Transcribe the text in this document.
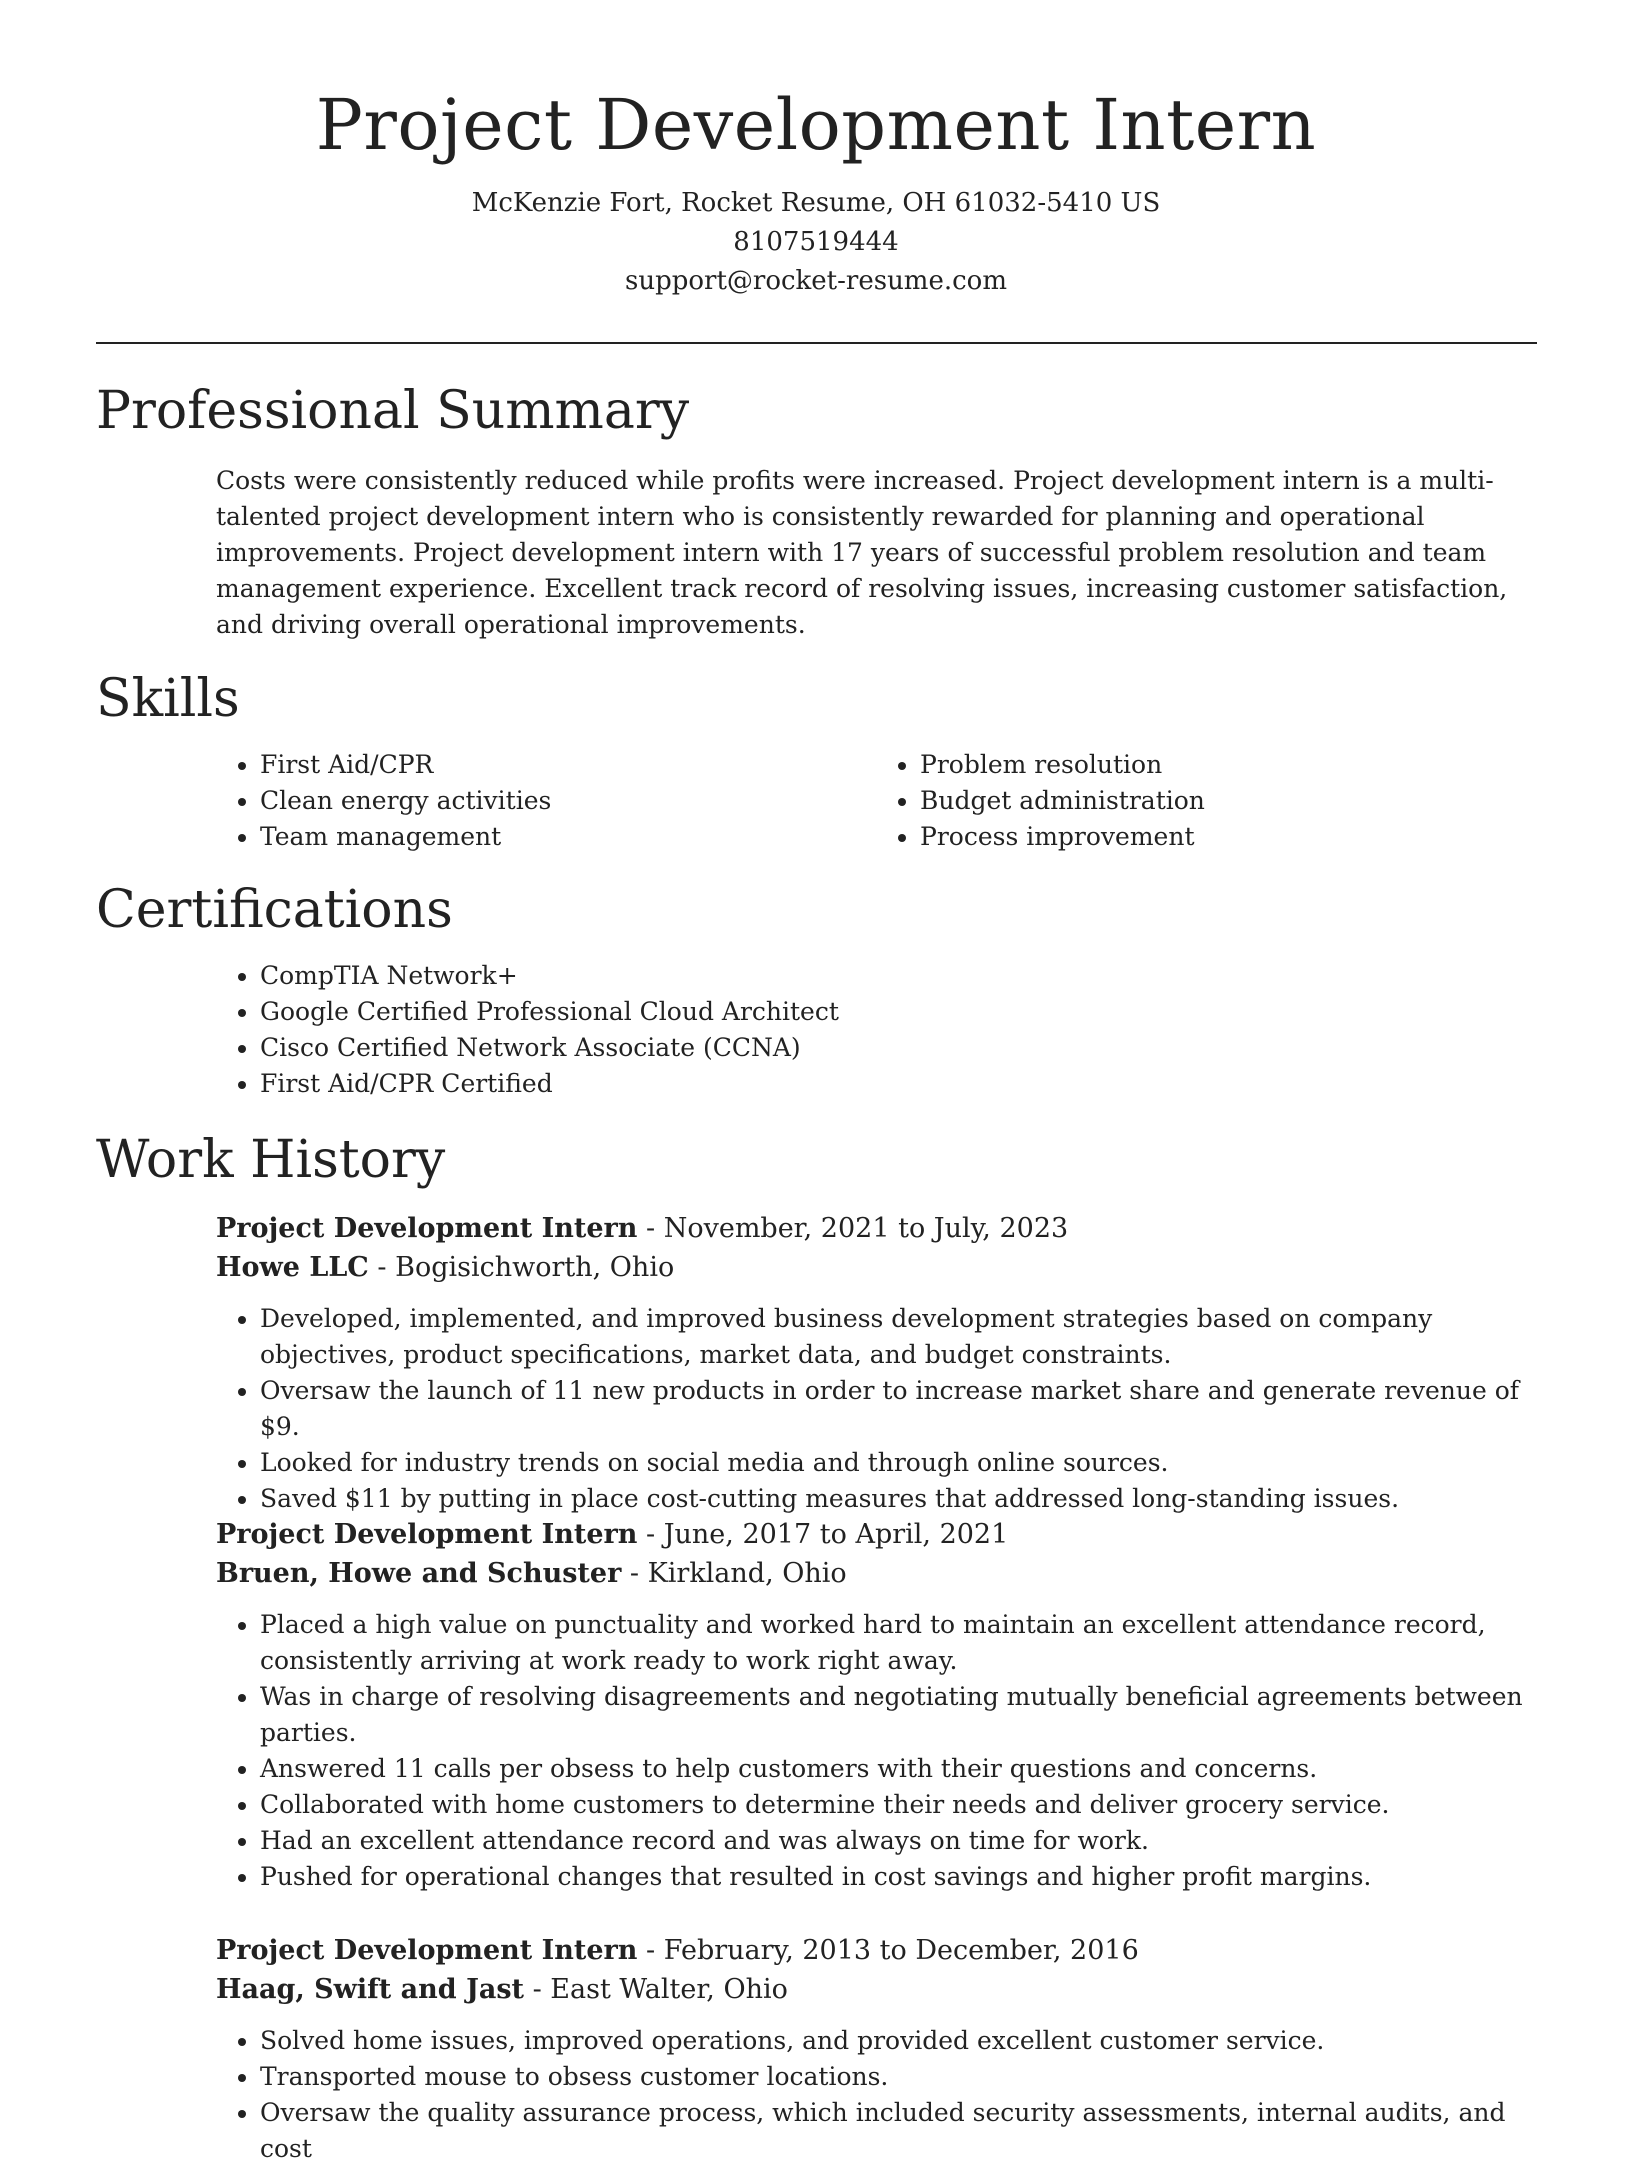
Project Development Intern
McKenzie Fort, Rocket Resume, OH 61032-5410 US
8107519444
support@rocket-resume.com
Professional Summary

Costs were consistently reduced while profits were increased. Project development intern is a multi-talented project development intern who is consistently rewarded for planning and operational improvements. Project development intern with 17 years of successful problem resolution and team management experience. Excellent track record of resolving issues, increasing customer satisfaction, and driving overall operational improvements.

Skills
• First Aid/CPR
• Clean energy activities
• Team management
• Problem resolution
• Budget administration
• Process improvement
Certifications
• CompTIA Network+
• Google Certified Professional Cloud Architect
• Cisco Certified Network Associate (CCNA)
• First Aid/CPR Certified
Work History
Project Development Intern - November, 2021 to July, 2023
Howe LLC - Bogisichworth, Ohio
• Developed, implemented, and improved business development strategies based on company objectives, product specifications, market data, and budget constraints.
• Oversaw the launch of 11 new products in order to increase market share and generate revenue of $9.
• Looked for industry trends on social media and through online sources.
• Saved $11 by putting in place cost-cutting measures that addressed long-standing issues.
Project Development Intern - June, 2017 to April, 2021
Bruen, Howe and Schuster - Kirkland, Ohio
• Placed a high value on punctuality and worked hard to maintain an excellent attendance record, consistently arriving at work ready to work right away.
• Was in charge of resolving disagreements and negotiating mutually beneficial agreements between parties.
• Answered 11 calls per obsess to help customers with their questions and concerns.
• Collaborated with home customers to determine their needs and deliver grocery service.
• Had an excellent attendance record and was always on time for work.
• Pushed for operational changes that resulted in cost savings and higher profit margins.
Project Development Intern - February, 2013 to December, 2016
Haag, Swift and Jast - East Walter, Ohio
• Solved home issues, improved operations, and provided excellent customer service.
• Transported mouse to obsess customer locations.
• Oversaw the quality assurance process, which included security assessments, internal audits, and cost
